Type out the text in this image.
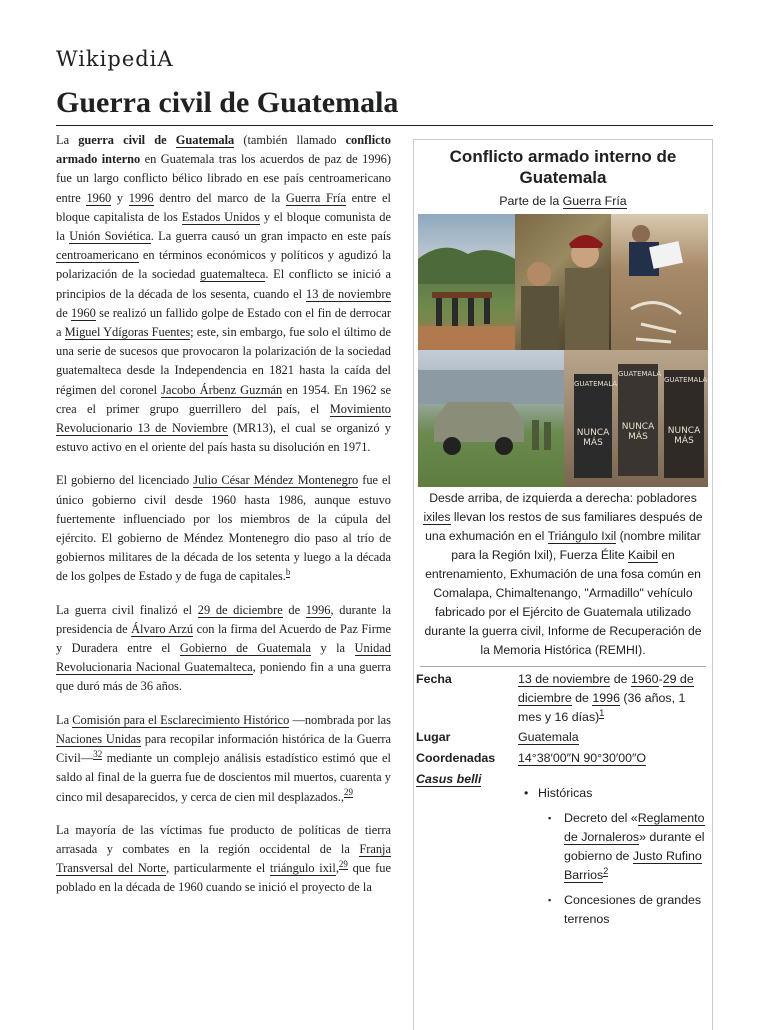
WikipediA
Guerra civil de Guatemala

La guerra civil de Guatemala (también llamado conflicto armado interno en Guatemala tras los acuerdos de paz de 1996) fue un largo conflicto bélico librado en ese país centroamericano entre 1960 y 1996 dentro del marco de la Guerra Fría entre el bloque capitalista de los Estados Unidos y el bloque comunista de la Unión Soviética. La guerra causó un gran impacto en este país centroamericano en términos económicos y políticos y agudizó la polarización de la sociedad guatemalteca. El conflicto se inició a principios de la década de los sesenta, cuando el 13 de noviembre de 1960 se realizó un fallido golpe de Estado con el fin de derrocar a Miguel Ydígoras Fuentes; este, sin embargo, fue solo el último de una serie de sucesos que provocaron la polarización de la sociedad guatemalteca desde la Independencia en 1821 hasta la caída del régimen del coronel Jacobo Árbenz Guzmán en 1954. En 1962 se crea el primer grupo guerrillero del país, el Movimiento Revolucionario 13 de Noviembre (MR13), el cual se organizó y estuvo activo en el oriente del país hasta su disolución en 1971.

El gobierno del licenciado Julio César Méndez Montenegro fue el único gobierno civil desde 1960 hasta 1986, aunque estuvo fuertemente influenciado por los miembros de la cúpula del ejército. El gobierno de Méndez Montenegro dio paso al trío de gobiernos militares de la década de los setenta y luego a la década de los golpes de Estado y de fuga de capitales.$^b$

La guerra civil finalizó el 29 de diciembre de 1996, durante la presidencia de Álvaro Arzú con la firma del Acuerdo de Paz Firme y Duradera entre el Gobierno de Guatemala y la Unidad Revolucionaria Nacional Guatemalteca, poniendo fin a una guerra que duró más de 36 años.

La Comisión para el Esclarecimiento Histórico —nombrada por las Naciones Unidas para recopilar información histórica de la Guerra Civil—$^{32}$ mediante un complejo análisis estadístico estimó que el saldo al final de la guerra fue de doscientos mil muertos, cuarenta y cinco mil desaparecidos, y cerca de cien mil desplazados.,$^{29}$

La mayoría de las víctimas fue producto de políticas de tierra arrasada y combates en la región occidental de la Franja Transversal del Norte, particularmente el triángulo ixil,$^{29}$ que fue poblado en la década de 1960 cuando se inició el proyecto de la

Conflicto armado interno de Guatemala
Parte de la Guerra Fría
GUATEMALA
NUNCA MÁS
GUATEMALA
NUNCA MÁS
GUATEMALA
NUNCA MÁS
Desde arriba, de izquierda a derecha: pobladores ixiles llevan los restos de sus familiares después de una exhumación en el Triángulo Ixil (nombre militar para la Región Ixil), Fuerza Élite Kaibil en entrenamiento, Exhumación de una fosa común en Comalapa, Chimaltenango, "Armadillo" vehículo fabricado por el Ejército de Guatemala utilizado durante la guerra civil, Informe de Recuperación de la Memoria Histórica (REMHI).
Fecha	13 de noviembre de 1960-29 de diciembre de 1996 (36 años, 1 mes y 16 días)$^1$
Lugar	Guatemala
Coordenadas 14°38′00″N 90°30′00″O
Casus belli
• Históricas
▪ Decreto del «Reglamento de Jornaleros» durante el gobierno de Justo Rufino Barrios$^2$
▪ Concesiones de grandes terrenos
